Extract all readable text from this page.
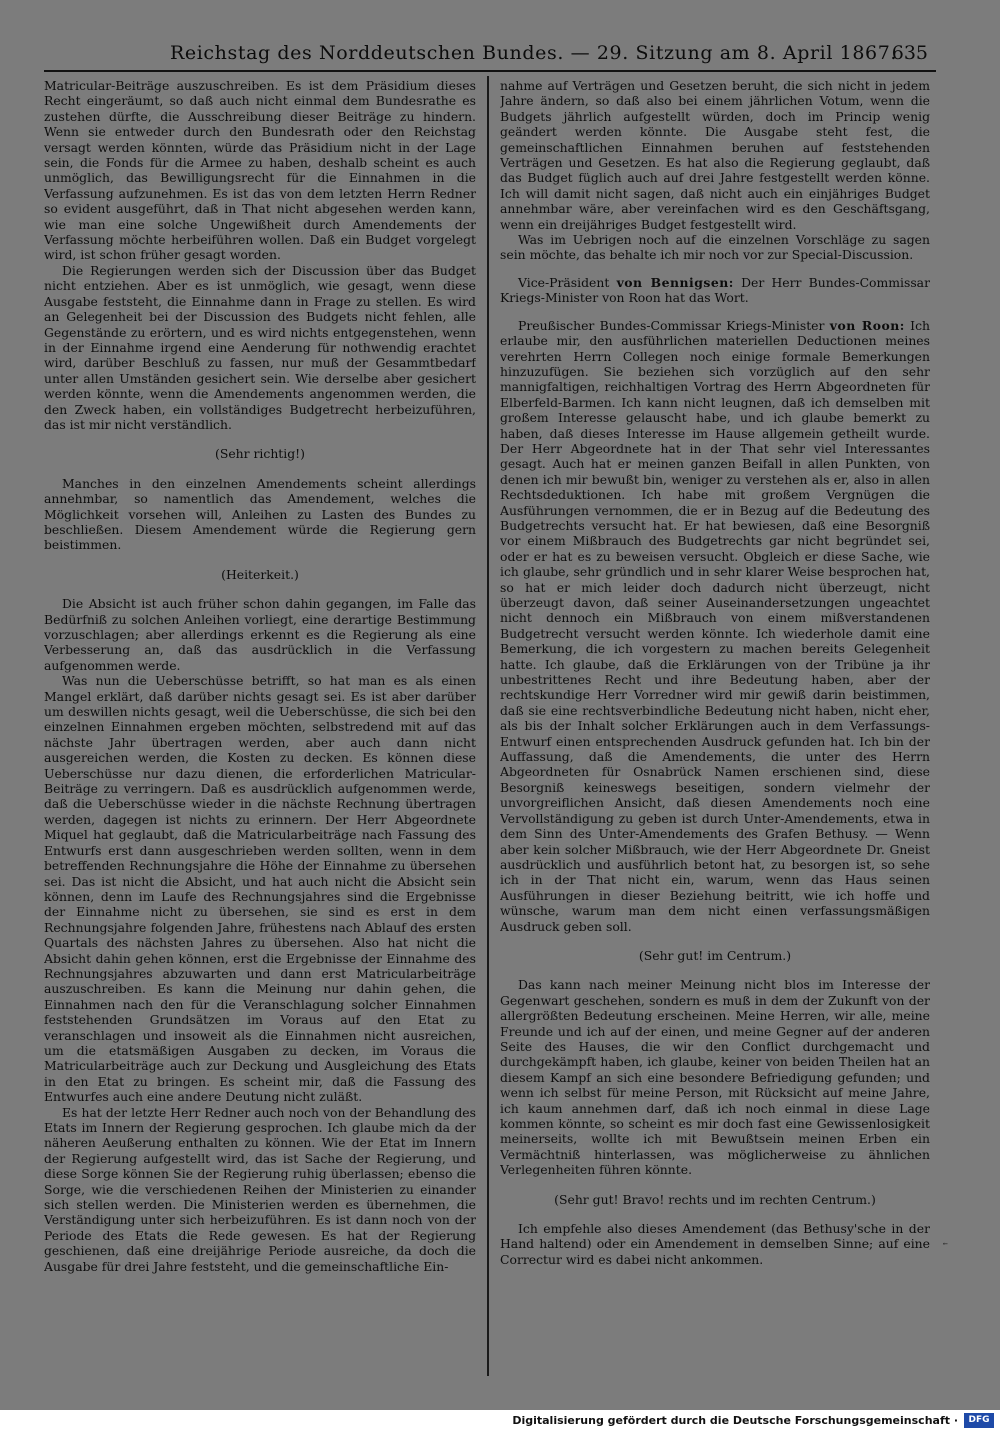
Reichstag des Norddeutschen Bundes. — 29. Sitzung am 8. April 1867.
635

Matricular-Beiträge auszuschreiben. Es ist dem Präsidium dieses Recht eingeräumt, so daß auch nicht einmal dem Bundesrathe es zustehen dürfte, die Ausschreibung dieser Beiträge zu hindern. Wenn sie entweder durch den Bundesrath oder den Reichstag versagt werden könnten, würde das Präsidium nicht in der Lage sein, die Fonds für die Armee zu haben, deshalb scheint es auch unmöglich, das Bewilligungsrecht für die Einnahmen in die Verfassung aufzunehmen. Es ist das von dem letzten Herrn Redner so evident ausgeführt, daß in That nicht abgesehen werden kann, wie man eine solche Ungewißheit durch Amendements der Verfassung möchte herbeiführen wollen. Daß ein Budget vorgelegt wird, ist schon früher gesagt worden.

Die Regierungen werden sich der Discussion über das Budget nicht entziehen. Aber es ist unmöglich, wie gesagt, wenn diese Ausgabe feststeht, die Einnahme dann in Frage zu stellen. Es wird an Gelegenheit bei der Discussion des Budgets nicht fehlen, alle Gegenstände zu erörtern, und es wird nichts entgegenstehen, wenn in der Einnahme irgend eine Aenderung für nothwendig erachtet wird, darüber Beschluß zu fassen, nur muß der Gesammtbedarf unter allen Umständen gesichert sein. Wie derselbe aber gesichert werden könnte, wenn die Amendements angenommen werden, die den Zweck haben, ein vollständiges Budgetrecht herbeizuführen, das ist mir nicht verständlich.

(Sehr richtig!)

Manches in den einzelnen Amendements scheint allerdings annehmbar, so namentlich das Amendement, welches die Möglichkeit vorsehen will, Anleihen zu Lasten des Bundes zu beschließen. Diesem Amendement würde die Regierung gern beistimmen.

(Heiterkeit.)

Die Absicht ist auch früher schon dahin gegangen, im Falle das Bedürfniß zu solchen Anleihen vorliegt, eine derartige Bestimmung vorzuschlagen; aber allerdings erkennt es die Regierung als eine Verbesserung an, daß das ausdrücklich in die Verfassung aufgenommen werde.

Was nun die Ueberschüsse betrifft, so hat man es als einen Mangel erklärt, daß darüber nichts gesagt sei. Es ist aber darüber um deswillen nichts gesagt, weil die Ueberschüsse, die sich bei den einzelnen Einnahmen ergeben möchten, selbstredend mit auf das nächste Jahr übertragen werden, aber auch dann nicht ausgereichen werden, die Kosten zu decken. Es können diese Ueberschüsse nur dazu dienen, die erforderlichen Matricular-Beiträge zu verringern. Daß es ausdrücklich aufgenommen werde, daß die Ueberschüsse wieder in die nächste Rechnung übertragen werden, dagegen ist nichts zu erinnern. Der Herr Abgeordnete Miquel hat geglaubt, daß die Matricularbeiträge nach Fassung des Entwurfs erst dann ausgeschrieben werden sollten, wenn in dem betreffenden Rechnungsjahre die Höhe der Einnahme zu übersehen sei. Das ist nicht die Absicht, und hat auch nicht die Absicht sein können, denn im Laufe des Rechnungsjahres sind die Ergebnisse der Einnahme nicht zu übersehen, sie sind es erst in dem Rechnungsjahre folgenden Jahre, frühestens nach Ablauf des ersten Quartals des nächsten Jahres zu übersehen. Also hat nicht die Absicht dahin gehen können, erst die Ergebnisse der Einnahme des Rechnungsjahres abzuwarten und dann erst Matricularbeiträge auszuschreiben. Es kann die Meinung nur dahin gehen, die Einnahmen nach den für die Veranschlagung solcher Einnahmen feststehenden Grundsätzen im Voraus auf den Etat zu veranschlagen und insoweit als die Einnahmen nicht ausreichen, um die etatsmäßigen Ausgaben zu decken, im Voraus die Matricularbeiträge auch zur Deckung und Ausgleichung des Etats in den Etat zu bringen. Es scheint mir, daß die Fassung des Entwurfes auch eine andere Deutung nicht zuläßt.

Es hat der letzte Herr Redner auch noch von der Behandlung des Etats im Innern der Regierung gesprochen. Ich glaube mich da der näheren Aeußerung enthalten zu können. Wie der Etat im Innern der Regierung aufgestellt wird, das ist Sache der Regierung, und diese Sorge können Sie der Regierung ruhig überlassen; ebenso die Sorge, wie die verschiedenen Reihen der Ministerien zu einander sich stellen werden. Die Ministerien werden es übernehmen, die Verständigung unter sich herbeizuführen. Es ist dann noch von der Periode des Etats die Rede gewesen. Es hat der Regierung geschienen, daß eine dreijährige Periode ausreiche, da doch die Ausgabe für drei Jahre feststeht, und die gemeinschaftliche Ein-

nahme auf Verträgen und Gesetzen beruht, die sich nicht in jedem Jahre ändern, so daß also bei einem jährlichen Votum, wenn die Budgets jährlich aufgestellt würden, doch im Princip wenig geändert werden könnte. Die Ausgabe steht fest, die gemeinschaftlichen Einnahmen beruhen auf feststehenden Verträgen und Gesetzen. Es hat also die Regierung geglaubt, daß das Budget füglich auch auf drei Jahre festgestellt werden könne. Ich will damit nicht sagen, daß nicht auch ein einjähriges Budget annehmbar wäre, aber vereinfachen wird es den Geschäftsgang, wenn ein dreijähriges Budget festgestellt wird.

Was im Uebrigen noch auf die einzelnen Vorschläge zu sagen sein möchte, das behalte ich mir noch vor zur Special-Discussion.

Vice-Präsident von Bennigsen: Der Herr Bundes-Commissar Kriegs-Minister von Roon hat das Wort.

Preußischer Bundes-Commissar Kriegs-Minister von Roon: Ich erlaube mir, den ausführlichen materiellen Deductionen meines verehrten Herrn Collegen noch einige formale Bemerkungen hinzuzufügen. Sie beziehen sich vorzüglich auf den sehr mannigfaltigen, reichhaltigen Vortrag des Herrn Abgeordneten für Elberfeld-Barmen. Ich kann nicht leugnen, daß ich demselben mit großem Interesse gelauscht habe, und ich glaube bemerkt zu haben, daß dieses Interesse im Hause allgemein getheilt wurde. Der Herr Abgeordnete hat in der That sehr viel Interessantes gesagt. Auch hat er meinen ganzen Beifall in allen Punkten, von denen ich mir bewußt bin, weniger zu verstehen als er, also in allen Rechtsdeduktionen. Ich habe mit großem Vergnügen die Ausführungen vernommen, die er in Bezug auf die Bedeutung des Budgetrechts versucht hat. Er hat bewiesen, daß eine Besorgniß vor einem Mißbrauch des Budgetrechts gar nicht begründet sei, oder er hat es zu beweisen versucht. Obgleich er diese Sache, wie ich glaube, sehr gründlich und in sehr klarer Weise besprochen hat, so hat er mich leider doch dadurch nicht überzeugt, nicht überzeugt davon, daß seiner Auseinandersetzungen ungeachtet nicht dennoch ein Mißbrauch von einem mißverstandenen Budgetrecht versucht werden könnte. Ich wiederhole damit eine Bemerkung, die ich vorgestern zu machen bereits Gelegenheit hatte. Ich glaube, daß die Erklärungen von der Tribüne ja ihr unbestrittenes Recht und ihre Bedeutung haben, aber der rechtskundige Herr Vorredner wird mir gewiß darin beistimmen, daß sie eine rechtsverbindliche Bedeutung nicht haben, nicht eher, als bis der Inhalt solcher Erklärungen auch in dem Verfassungs-Entwurf einen entsprechenden Ausdruck gefunden hat. Ich bin der Auffassung, daß die Amendements, die unter des Herrn Abgeordneten für Osnabrück Namen erschienen sind, diese Besorgniß keineswegs beseitigen, sondern vielmehr der unvorgreiflichen Ansicht, daß diesen Amendements noch eine Vervollständigung zu geben ist durch Unter-Amendements, etwa in dem Sinn des Unter-Amendements des Grafen Bethusy. — Wenn aber kein solcher Mißbrauch, wie der Herr Abgeordnete Dr. Gneist ausdrücklich und ausführlich betont hat, zu besorgen ist, so sehe ich in der That nicht ein, warum, wenn das Haus seinen Ausführungen in dieser Beziehung beitritt, wie ich hoffe und wünsche, warum man dem nicht einen verfassungsmäßigen Ausdruck geben soll.

(Sehr gut! im Centrum.)

Das kann nach meiner Meinung nicht blos im Interesse der Gegenwart geschehen, sondern es muß in dem der Zukunft von der allergrößten Bedeutung erscheinen. Meine Herren, wir alle, meine Freunde und ich auf der einen, und meine Gegner auf der anderen Seite des Hauses, die wir den Conflict durchgemacht und durchgekämpft haben, ich glaube, keiner von beiden Theilen hat an diesem Kampf an sich eine besondere Befriedigung gefunden; und wenn ich selbst für meine Person, mit Rücksicht auf meine Jahre, ich kaum annehmen darf, daß ich noch einmal in diese Lage kommen könnte, so scheint es mir doch fast eine Gewissenlosigkeit meinerseits, wollte ich mit Bewußtsein meinen Erben ein Vermächtniß hinterlassen, was möglicherweise zu ähnlichen Verlegenheiten führen könnte.

(Sehr gut! Bravo! rechts und im rechten Centrum.)

Ich empfehle also dieses Amendement (das Bethusy'sche in der Hand haltend) oder ein Amendement in demselben Sinne; auf eine Correctur wird es dabei nicht ankommen.

˿
Digitalisierung gefördert durch die Deutsche Forschungsgemeinschaft ·	DFG
